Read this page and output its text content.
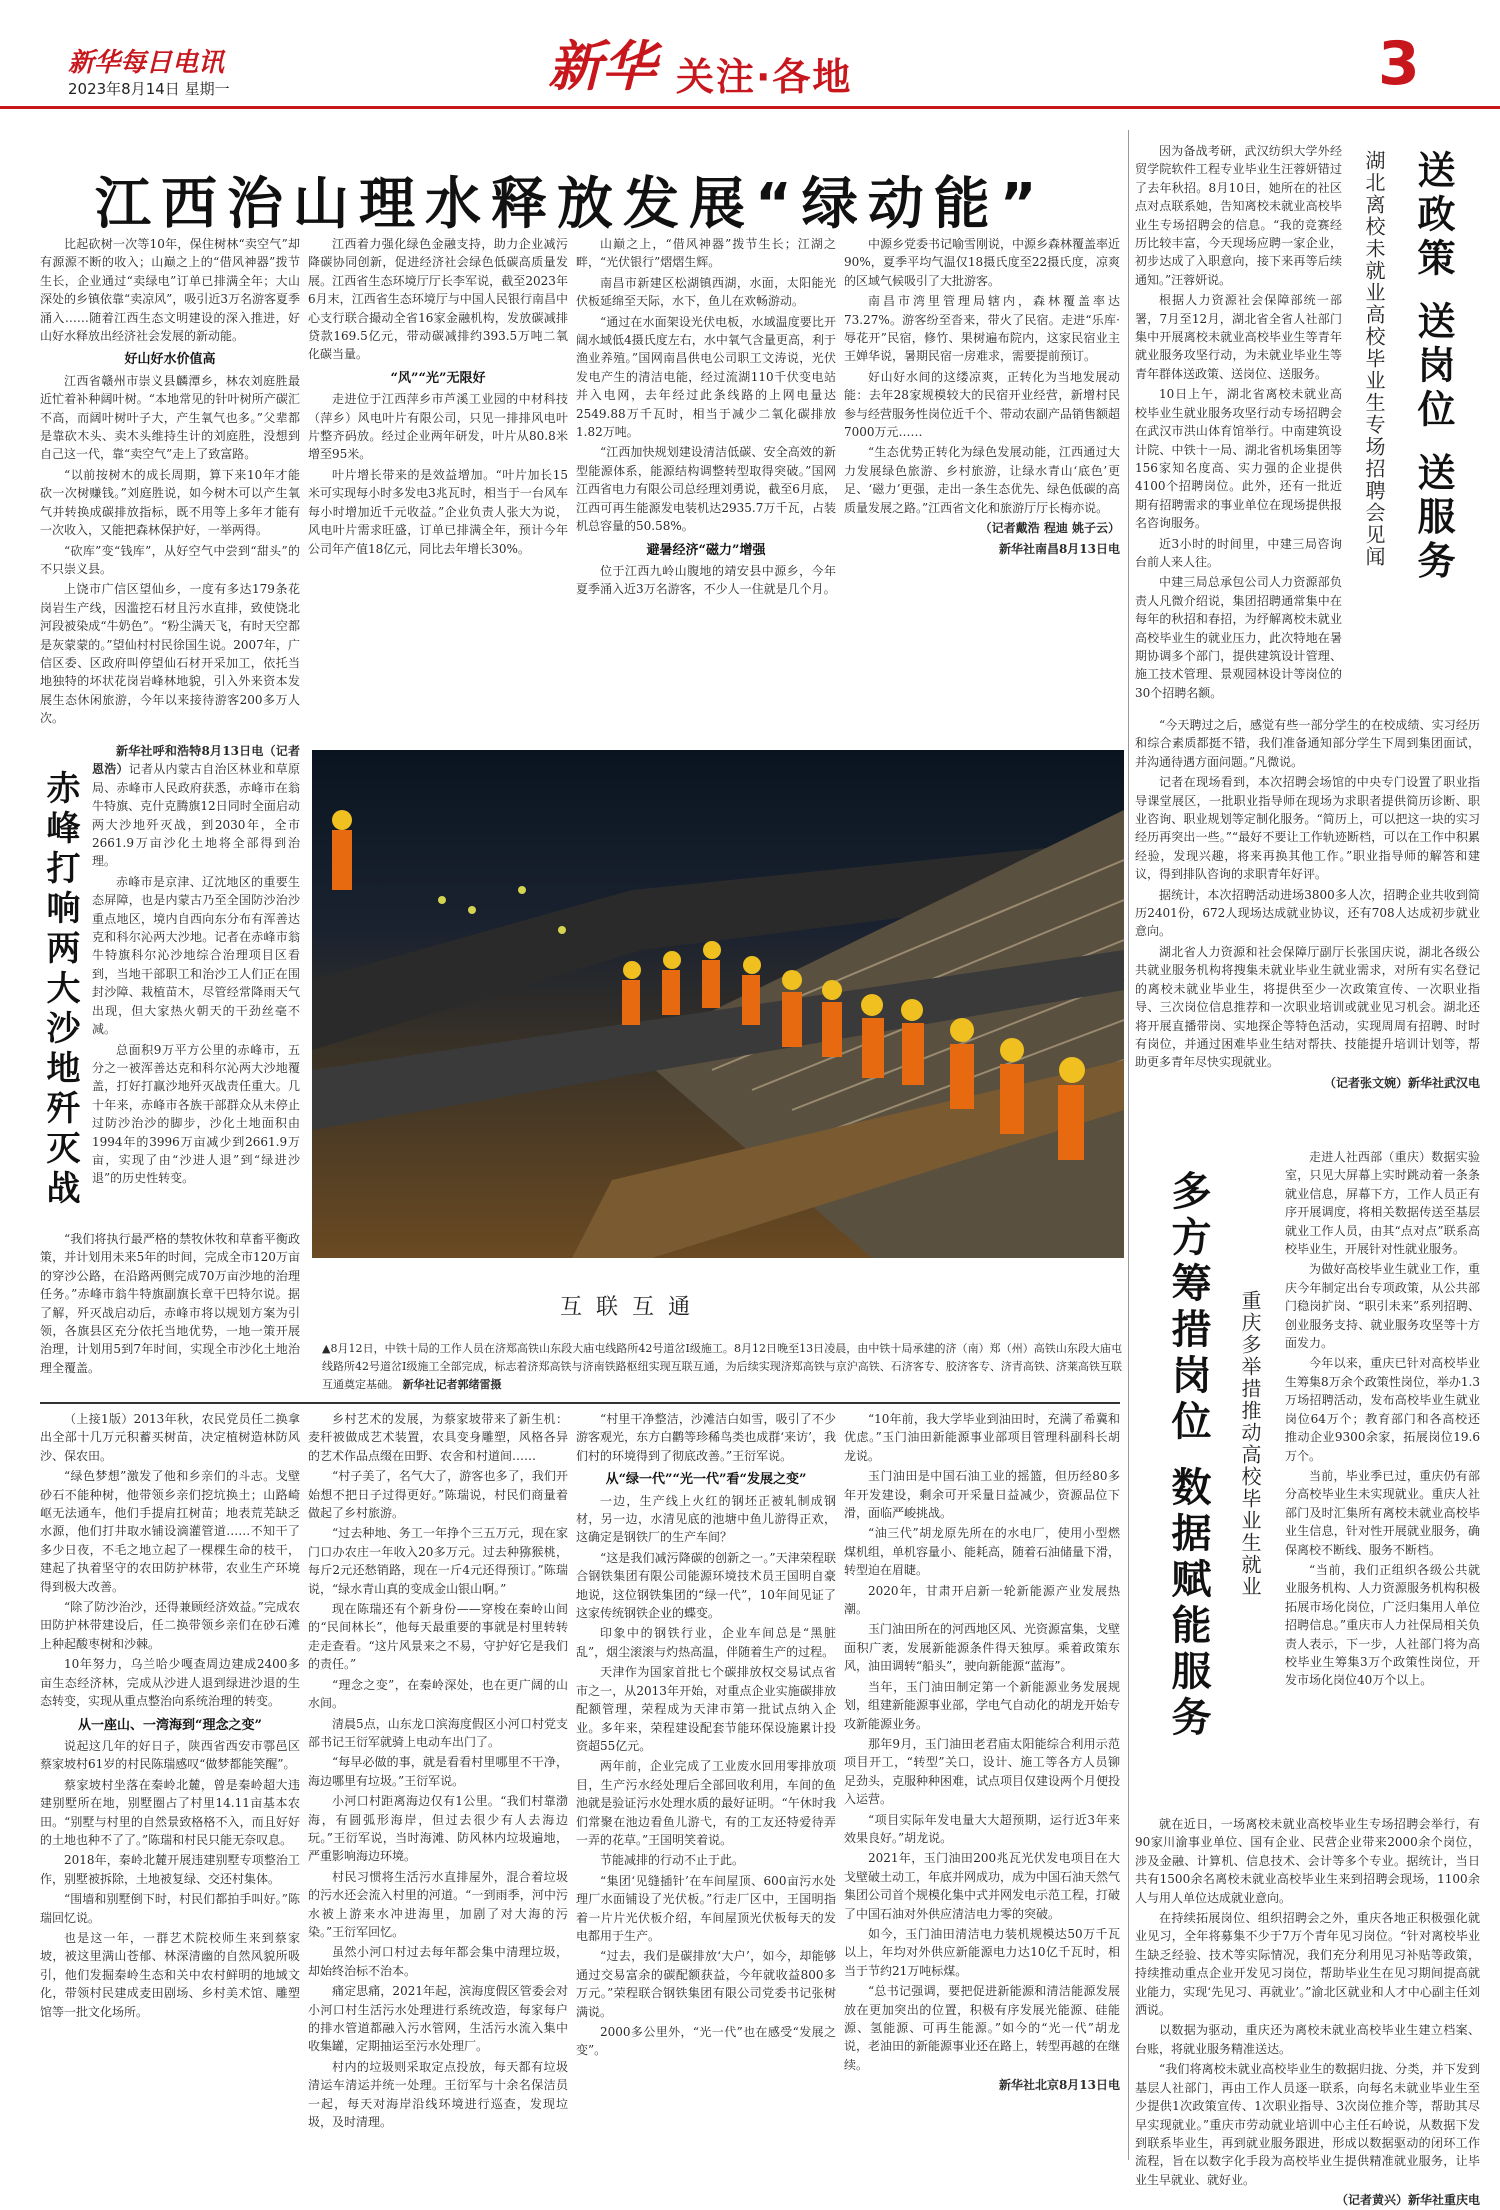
新华每日电讯
2023年8月14日 星期一	新华 关注·各地	3
江西治山理水释放发展“绿动能”

比起砍树一次等10年，保住树林“卖空气”却有源源不断的收入；山巅之上的“借风神器”拨节生长，企业通过“卖绿电”订单已排满全年；大山深处的乡镇依靠“卖凉风”，吸引近3万名游客夏季涌入……随着江西生态文明建设的深入推进，好山好水释放出经济社会发展的新动能。

好山好水价值高

江西省赣州市崇义县麟潭乡，林农刘庭胜最近忙着补种阔叶树。“本地常见的针叶树所产碳汇不高，而阔叶树叶子大，产生氧气也多。”父辈都是靠砍木头、卖木头维持生计的刘庭胜，没想到自己这一代，靠“卖空气”走上了致富路。

“以前按树木的成长周期，算下来10年才能砍一次树赚钱。”刘庭胜说，如今树木可以产生氧气并转换成碳排放指标，既不用等上多年才能有一次收入，又能把森林保护好，一举两得。

“砍库”变“钱库”，从好空气中尝到“甜头”的不只崇义县。

上饶市广信区望仙乡，一度有多达179条花岗岩生产线，因滥挖石材且污水直排，致使饶北河段被染成“牛奶色”。“粉尘满天飞，有时天空都是灰蒙蒙的。”望仙村村民徐国生说。2007年，广信区委、区政府叫停望仙石材开采加工，依托当地独特的坏状花岗岩峰林地貌，引入外来资本发展生态休闲旅游，今年以来接待游客200多万人次。

江西着力强化绿色金融支持，助力企业减污降碳协同创新，促进经济社会绿色低碳高质量发展。江西省生态环境厅厅长李军说，截至2023年6月末，江西省生态环境厅与中国人民银行南昌中心支行联合撮动全省16家金融机构，发放碳减排贷款169.5亿元，带动碳减排约393.5万吨二氧化碳当量。

“风”“光”无限好

走进位于江西萍乡市芦溪工业园的中材科技（萍乡）风电叶片有限公司，只见一排排风电叶片整齐码放。经过企业两年研发，叶片从80.8米增至95米。

叶片增长带来的是效益增加。“叶片加长15米可实现每小时多发电3兆瓦时，相当于一台风车每小时增加近千元收益。”企业负责人张大为说，风电叶片需求旺盛，订单已排满全年，预计今年公司年产值18亿元，同比去年增长30%。

山巅之上，“借风神器”拨节生长；江湖之畔，“光伏银行”熠熠生辉。

南昌市新建区松湖镇西湖，水面，太阳能光伏板延绵至天际，水下，鱼儿在欢畅游动。

“通过在水面架设光伏电板，水域温度要比开阔水域低4摄氏度左右，水中氧气含量更高，利于渔业养殖。”国网南昌供电公司职工文涛说，光伏发电产生的清洁电能，经过流湖110千伏变电站并入电网，去年经过此条线路的上网电量达2549.88万千瓦时，相当于减少二氧化碳排放1.82万吨。

“江西加快规划建设清洁低碳、安全高效的新型能源体系，能源结构调整转型取得突破。”国网江西省电力有限公司总经理刘勇说，截至6月底，江西可再生能源发电装机达2935.7万千瓦，占装机总容量的50.58%。

避暑经济“磁力”增强

位于江西九岭山腹地的靖安县中源乡，今年夏季涌入近3万名游客，不少人一住就是几个月。

中源乡党委书记喻雪刚说，中源乡森林覆盖率近90%，夏季平均气温仅18摄氏度至22摄氏度，凉爽的区域气候吸引了大批游客。

南昌市湾里管理局辖内，森林覆盖率达73.27%。游客纷至沓来，带火了民宿。走进“乐库·辱花开”民宿，修竹、果树遍布院内，这家民宿业主王婵华说，暑期民宿一房难求，需要提前预订。

好山好水间的这缕凉爽，正转化为当地发展动能：去年28家规模较大的民宿开业经营，新增村民参与经营服务性岗位近千个、带动农副产品销售额超7000万元……

“生态优势正转化为绿色发展动能，江西通过大力发展绿色旅游、乡村旅游，让绿水青山‘底色’更足、‘磁力’更强，走出一条生态优先、绿色低碳的高质量发展之路。”江西省文化和旅游厅厅长梅亦说。

（记者戴浩 程迪 姚子云）

新华社南昌8月13日电

赤峰打响两大沙地歼灭战

新华社呼和浩特8月13日电（记者恩浩）记者从内蒙古自治区林业和草原局、赤峰市人民政府获悉，赤峰市在翁牛特旗、克什克腾旗12日同时全面启动两大沙地歼灭战，到2030年，全市2661.9万亩沙化土地将全部得到治理。

赤峰市是京津、辽沈地区的重要生态屏障，也是内蒙古乃至全国防沙治沙重点地区，境内自西向东分布有浑善达克和科尔沁两大沙地。记者在赤峰市翁牛特旗科尔沁沙地综合治理项目区看到，当地干部职工和治沙工人们正在围封沙障、栽植苗木，尽管经常降雨天气出现，但大家热火朝天的干劲丝毫不减。

总面积9万平方公里的赤峰市，五分之一被浑善达克和科尔沁两大沙地覆盖，打好打赢沙地歼灭战责任重大。几十年来，赤峰市各族干部群众从未停止过防沙治沙的脚步，沙化土地面积由1994年的3996万亩减少到2661.9万亩，实现了由“沙进人退”到“绿进沙退”的历史性转变。

“我们将执行最严格的禁牧休牧和草畜平衡政策，并计划用未来5年的时间，完成全市120万亩的穿沙公路，在沿路两侧完成70万亩沙地的治理任务。”赤峰市翁牛特旗副旗长章干巴特尔说。据了解，歼灭战启动后，赤峰市将以规划方案为引领，各旗县区充分依托当地优势，一地一策开展治理，计划用5到7年时间，实现全市沙化土地治理全覆盖。

互联互通
▲8月12日，中铁十局的工作人员在济郑高铁山东段大庙屯线路所42号道岔Ⅰ级施工。8月12日晚至13日凌晨，由中铁十局承建的济（南）郑（州）高铁山东段大庙屯线路所42号道岔Ⅰ级施工全部完成，标志着济郑高铁与济南铁路枢纽实现互联互通，为后续实现济郑高铁与京沪高铁、石济客专、胶济客专、济青高铁、济莱高铁互联互通奠定基础。 新华社记者郭绪雷摄

因为备战考研，武汉纺织大学外经贸学院软件工程专业毕业生汪蓉妍错过了去年秋招。8月10日，她所在的社区点对点联系她，告知离校未就业高校毕业生专场招聘会的信息。“我的竞赛经历比较丰富，今天现场应聘一家企业，初步达成了入职意向，接下来再等后续通知。”汪蓉妍说。

根据人力资源社会保障部统一部署，7月至12月，湖北省全省人社部门集中开展离校未就业高校毕业生等青年就业服务攻坚行动，为未就业毕业生等青年群体送政策、送岗位、送服务。

10日上午，湖北省离校未就业高校毕业生就业服务攻坚行动专场招聘会在武汉市洪山体育馆举行。中南建筑设计院、中铁十一局、湖北省机场集团等156家知名度高、实力强的企业提供4100个招聘岗位。此外，还有一批近期有招聘需求的事业单位在现场提供报名咨询服务。

近3小时的时间里，中建三局咨询台前人来人往。

中建三局总承包公司人力资源部负责人凡微介绍说，集团招聘通常集中在每年的秋招和春招，为纾解离校未就业高校毕业生的就业压力，此次特地在暑期协调多个部门，提供建筑设计管理、施工技术管理、景观园林设计等岗位的30个招聘名额。

送政策 送岗位 送服务
湖北离校未就业高校毕业生专场招聘会见闻

“今天聘过之后，感觉有些一部分学生的在校成绩、实习经历和综合素质都挺不错，我们准备通知部分学生下周到集团面试，并沟通待遇方面问题。”凡微说。

记者在现场看到，本次招聘会场馆的中央专门设置了职业指导课堂展区，一批职业指导师在现场为求职者提供简历诊断、职业咨询、职业规划等定制化服务。“简历上，可以把这一块的实习经历再突出一些。”“最好不要让工作轨迹断档，可以在工作中积累经验，发现兴趣，将来再换其他工作。”职业指导师的解答和建议，得到排队咨询的求职青年好评。

据统计，本次招聘活动进场3800多人次，招聘企业共收到简历2401份，672人现场达成就业协议，还有708人达成初步就业意向。

湖北省人力资源和社会保障厅副厅长张国庆说，湖北各级公共就业服务机构将搜集未就业毕业生就业需求，对所有实名登记的离校未就业毕业生，将提供至少一次政策宣传、一次职业指导、三次岗位信息推荐和一次职业培训或就业见习机会。湖北还将开展直播带岗、实地探企等特色活动，实现周周有招聘、时时有岗位，并通过困难毕业生结对帮扶、技能提升培训计划等，帮助更多青年尽快实现就业。

（记者张文婉）新华社武汉电

多方筹措岗位 数据赋能服务	重庆多举措推动高校毕业生就业

走进人社西部（重庆）数据实验室，只见大屏幕上实时跳动着一条条就业信息，屏幕下方，工作人员正有序开展调度，将相关数据传送至基层就业工作人员，由其“点对点”联系高校毕业生，开展针对性就业服务。

为做好高校毕业生就业工作，重庆今年制定出台专项政策，从公共部门稳岗扩岗、“职引未来”系列招聘、创业服务支持、就业服务攻坚等十方面发力。

今年以来，重庆已针对高校毕业生筹集8万余个政策性岗位，举办1.3万场招聘活动，发布高校毕业生就业岗位64万个；教育部门和各高校还推动企业9300余家，拓展岗位19.6万个。

当前，毕业季已过，重庆仍有部分高校毕业生未实现就业。重庆人社部门及时汇集所有离校未就业高校毕业生信息，针对性开展就业服务，确保离校不断线、服务不断档。

“当前，我们正组织各级公共就业服务机构、人力资源服务机构积极拓展市场化岗位，广泛归集用人单位招聘信息。”重庆市人力社保局相关负责人表示，下一步，人社部门将为高校毕业生筹集3万个政策性岗位，开发市场化岗位40万个以上。

就在近日，一场离校未就业高校毕业生专场招聘会举行，有90家川渝事业单位、国有企业、民营企业带来2000余个岗位，涉及金融、计算机、信息技术、会计等多个专业。据统计，当日共有1500余名离校未就业高校毕业生来到招聘会现场，1100余人与用人单位达成就业意向。

在持续拓展岗位、组织招聘会之外，重庆各地正积极强化就业见习，全年将募集不少于7万个青年见习岗位。“针对离校毕业生缺乏经验、技术等实际情况，我们充分利用见习补贴等政策，持续推动重点企业开发见习岗位，帮助毕业生在见习期间提高就业能力，实现‘先见习、再就业’。”渝北区就业和人才中心副主任刘洒说。

以数据为驱动，重庆还为离校未就业高校毕业生建立档案、台账，将就业服务精准送达。

“我们将离校未就业高校毕业生的数据归拢、分类，并下发到基层人社部门，再由工作人员逐一联系，向每名未就业毕业生至少提供1次政策宣传、1次职业指导、3次岗位推介等，帮助其尽早实现就业。”重庆市劳动就业培训中心主任石岭说，从数据下发到联系毕业生，再到就业服务跟进，形成以数据驱动的闭环工作流程，旨在以数字化手段为高校毕业生提供精准就业服务，让毕业生早就业、就好业。

（记者黄兴）新华社重庆电

（上接1版）2013年秋，农民党员任二换拿出全部十几万元积蓄买树苗，决定植树造林防风沙、保农田。

“绿色梦想”激发了他和乡亲们的斗志。戈壁砂石不能种树，他带领乡亲们挖坑换土；山路崎岖无法通车，他们手提肩扛树苗；地表荒芜缺乏水源，他们打井取水铺设滴灌管道……不知干了多少日夜，不毛之地立起了一棵棵生命的枝干，建起了执着坚守的农田防护林带，农业生产环境得到极大改善。

“除了防沙治沙，还得兼顾经济效益。”完成农田防护林带建设后，任二换带领乡亲们在砂石滩上种起酸枣树和沙棘。

10年努力，乌兰哈少嘎查周边建成2400多亩生态经济林，完成从沙进人退到绿进沙退的生态转变，实现从重点整治向系统治理的转变。

从一座山、一湾海到“理念之变”

说起这几年的好日子，陕西省西安市鄠邑区蔡家坡村61岁的村民陈瑞感叹“做梦都能笑醒”。

蔡家坡村坐落在秦岭北麓，曾是秦岭超大违建别墅所在地，别墅圈占了村里14.11亩基本农田。“别墅与村里的自然景致格格不入，而且好好的土地也种不了了。”陈瑞和村民只能无奈叹息。

2018年，秦岭北麓开展违建别墅专项整治工作，别墅被拆除，土地被复绿、交还村集体。

“围墙和别墅倒下时，村民们都拍手叫好。”陈瑞回忆说。

也是这一年，一群艺术院校师生来到蔡家坡，被这里满山苍郁、林深清幽的自然风貌所吸引，他们发掘秦岭生态和关中农村鲜明的地域文化，带领村民建成麦田剧场、乡村美术馆、雕塑馆等一批文化场所。

乡村艺术的发展，为蔡家坡带来了新生机：麦秆被做成艺术装置，农具变身雕塑，风格各异的艺术作品点缀在田野、农舍和村道间……

“村子美了，名气大了，游客也多了，我们开始想不把日子过得更好。”陈瑞说，村民们商量着做起了乡村旅游。

“过去种地、务工一年挣个三五万元，现在家门口办农庄一年收入20多万元。过去种猕猴桃，每斤2元还愁销路，现在一斤4元还得预订。”陈瑞说，“绿水青山真的变成金山银山啊。”

现在陈瑞还有个新身份——穿梭在秦岭山间的“民间林长”，他每天最重要的事就是村里转转走走查看。“这片风景来之不易，守护好它是我们的责任。”

“理念之变”，在秦岭深处，也在更广阔的山水间。

清晨5点，山东龙口滨海度假区小河口村党支部书记王衍军就骑上电动车出门了。

“每早必做的事，就是看看村里哪里不干净，海边哪里有垃圾。”王衍军说。

小河口村距离海边仅有1公里。“我们村靠渤海，有圆弧形海岸，但过去很少有人去海边玩。”王衍军说，当时海滩、防风林内垃圾遍地，严重影响海边环境。

村民习惯将生活污水直排屋外，混合着垃圾的污水还会流入村里的河道。“一到雨季，河中污水被上游来水冲进海里，加剧了对大海的污染。”王衍军回忆。

虽然小河口村过去每年都会集中清理垃圾，却始终治标不治本。

痛定思痛，2021年起，滨海度假区管委会对小河口村生活污水处理进行系统改造，每家每户的排水管道都融入污水管网，生活污水流入集中收集罐，定期抽运至污水处理厂。

村内的垃圾则采取定点投放，每天都有垃圾清运车清运并统一处理。王衍军与十余名保洁员一起，每天对海岸沿线环境进行巡查，发现垃圾，及时清理。

“村里干净整洁，沙滩洁白如雪，吸引了不少游客观光，东方白鹳等珍稀鸟类也成群‘来访’，我们村的环境得到了彻底改善。”王衍军说。

从“绿一代”“光一代”看“发展之变”

一边，生产线上火红的钢坯正被轧制成钢材，另一边，水清见底的池塘中鱼儿游得正欢，这确定是钢铁厂的生产车间？

“这是我们减污降碳的创新之一。”天津荣程联合钢铁集团有限公司能源环境技术员王国明自豪地说，这位钢铁集团的“绿一代”，10年间见证了这家传统钢铁企业的蝶变。

印象中的钢铁行业，企业车间总是“黑脏乱”，烟尘滚滚与灼热高温，伴随着生产的过程。

天津作为国家首批七个碳排放权交易试点省市之一，从2013年开始，对重点企业实施碳排放配额管理，荣程成为天津市第一批试点纳入企业。多年来，荣程建设配套节能环保设施累计投资超55亿元。

两年前，企业完成了工业废水回用零排放项目，生产污水经处理后全部回收利用，车间的鱼池就是验证污水处理水质的最好证明。“午休时我们常聚在池边看鱼儿游弋，有的工友还特爱待弄一弄的花草。”王国明笑着说。

节能减排的行动不止于此。

“集团‘见缝插针’在车间屋顶、600亩污水处理厂水面铺设了光伏板。”行走厂区中，王国明指着一片片光伏板介绍，车间屋顶光伏板每天的发电都用于生产。

“过去，我们是碳排放‘大户’，如今，却能够通过交易富余的碳配额获益，今年就收益800多万元。”荣程联合钢铁集团有限公司党委书记张树满说。

2000多公里外，“光一代”也在感受“发展之变”。

“10年前，我大学毕业到油田时，充满了希冀和优虑。”玉门油田新能源事业部项目管理科副科长胡龙说。

玉门油田是中国石油工业的摇篮，但历经80多年开发建设，剩余可开采量日益减少，资源品位下滑，面临严峻挑战。

“油三代”胡龙原先所在的水电厂，使用小型燃煤机组，单机容量小、能耗高，随着石油储量下滑，转型迫在眉睫。

2020年，甘肃开启新一轮新能源产业发展热潮。

玉门油田所在的河西地区风、光资源富集，戈壁面积广袤，发展新能源条件得天独厚。乘着政策东风，油田调转“船头”，驶向新能源“蓝海”。

当年，玉门油田制定第一个新能源业务发展规划，组建新能源事业部，学电气自动化的胡龙开始专攻新能源业务。

那年9月，玉门油田老君庙太阳能综合利用示范项目开工，“转型”关口，设计、施工等各方人员铆足劲头，克服种种困难，试点项目仅建设两个月便投入运营。

“项目实际年发电量大大超预期，运行近3年来效果良好。”胡龙说。

2021年，玉门油田200兆瓦光伏发电项目在大戈壁破土动工，年底并网成功，成为中国石油天然气集团公司首个规模化集中式并网发电示范工程，打破了中国石油对外供应清洁电力零的突破。

如今，玉门油田清洁电力装机规模达50万千瓦以上，年均对外供应新能源电力达10亿千瓦时，相当于节约21万吨标煤。

“总书记强调，要把促进新能源和清洁能源发展放在更加突出的位置，积极有序发展光能源、硅能源、氢能源、可再生能源。”如今的“光一代”胡龙说，老油田的新能源事业还在路上，转型再越的在继续。

新华社北京8月13日电
